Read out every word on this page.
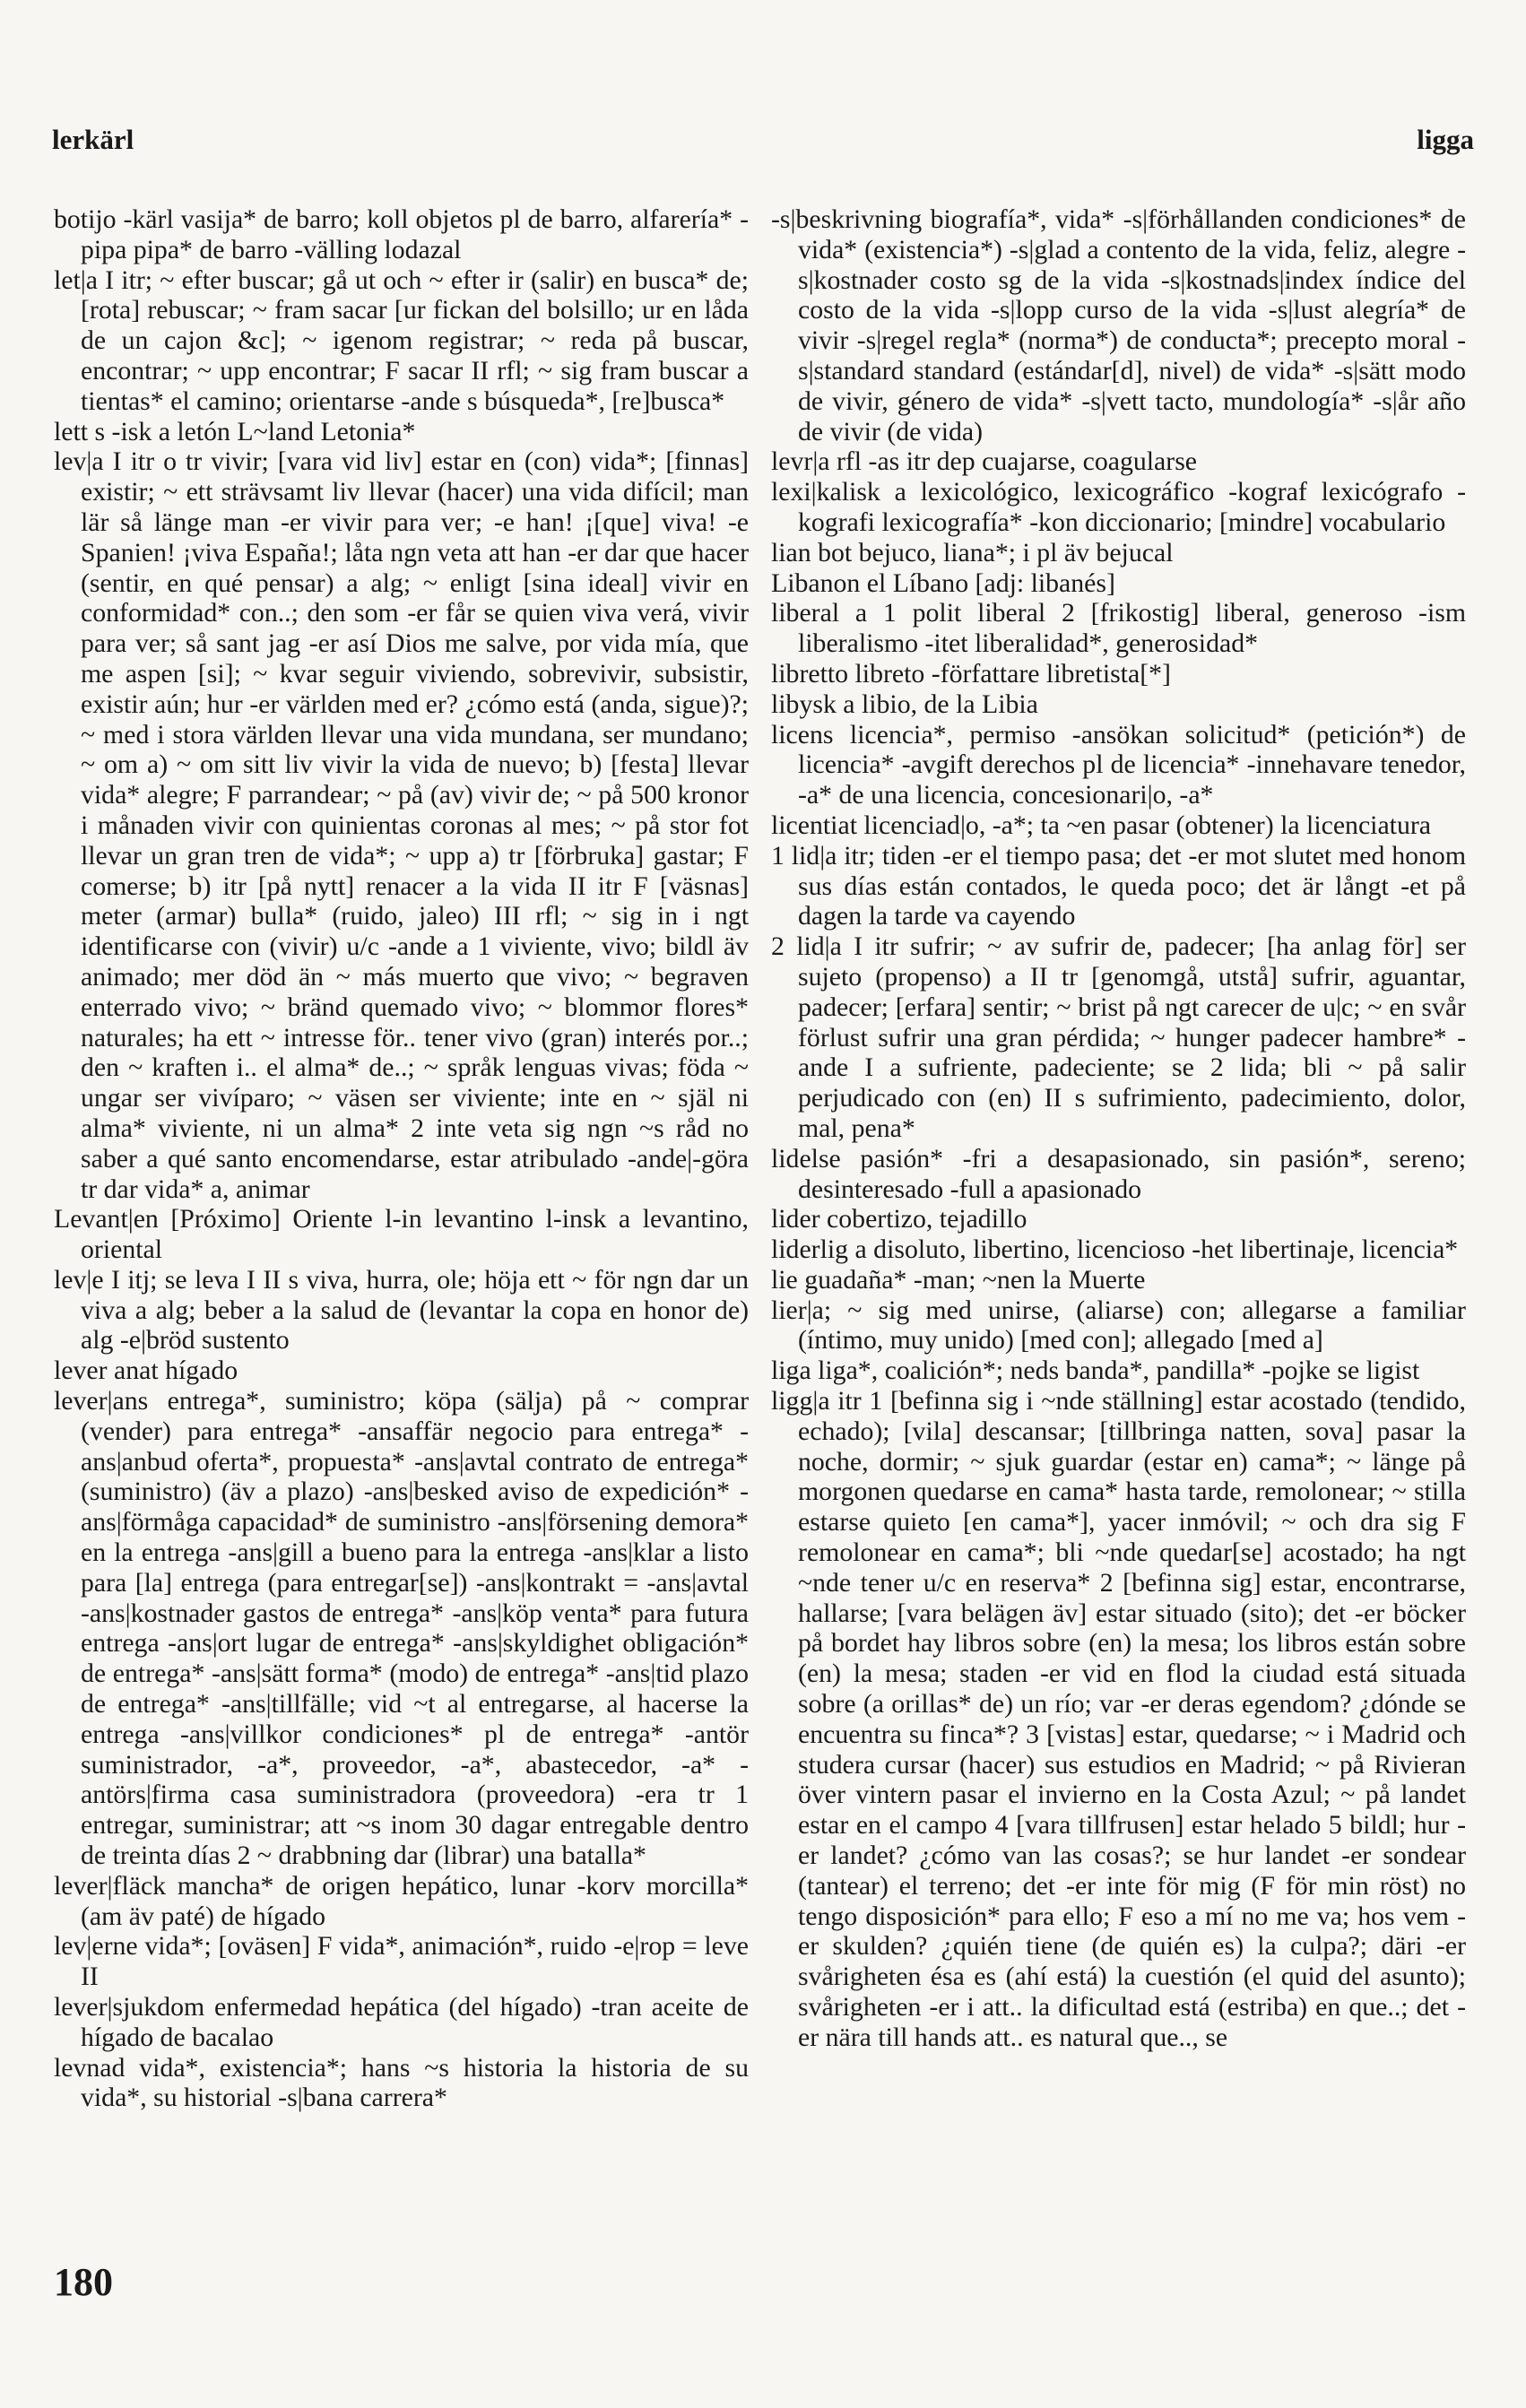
lerkärl	ligga

botijo -kärl vasija* de barro; koll objetos pl de barro, alfarería* -pipa pipa* de barro -välling lodazal

let|a I itr; ~ efter buscar; gå ut och ~ efter ir (salir) en busca* de; [rota] rebuscar; ~ fram sacar [ur fickan del bolsillo; ur en låda de un cajon &c]; ~ igenom registrar; ~ reda på buscar, encontrar; ~ upp encontrar; F sacar II rfl; ~ sig fram buscar a tientas* el camino; orientarse -ande s búsqueda*, [re]busca*

lett s -isk a letón L~land Letonia*

lev|a I itr o tr vivir; [vara vid liv] estar en (con) vida*; [finnas] existir; ~ ett strävsamt liv llevar (hacer) una vida difícil; man lär så länge man -er vivir para ver; -e han! ¡[que] viva! -e Spanien! ¡viva España!; låta ngn veta att han -er dar que hacer (sentir, en qué pensar) a alg; ~ enligt [sina ideal] vivir en conformidad* con..; den som -er får se quien viva verá, vivir para ver; så sant jag -er así Dios me salve, por vida mía, que me aspen [si]; ~ kvar seguir viviendo, sobrevivir, subsistir, existir aún; hur -er världen med er? ¿cómo está (anda, sigue)?; ~ med i stora världen llevar una vida mundana, ser mundano; ~ om a) ~ om sitt liv vivir la vida de nuevo; b) [festa] llevar vida* alegre; F parrandear; ~ på (av) vivir de; ~ på 500 kronor i månaden vivir con quinientas coronas al mes; ~ på stor fot llevar un gran tren de vida*; ~ upp a) tr [förbruka] gastar; F comerse; b) itr [på nytt] renacer a la vida II itr F [väsnas] meter (armar) bulla* (ruido, jaleo) III rfl; ~ sig in i ngt identificarse con (vivir) u/c -ande a 1 viviente, vivo; bildl äv animado; mer död än ~ más muerto que vivo; ~ begraven enterrado vivo; ~ bränd quemado vivo; ~ blommor flores* naturales; ha ett ~ intresse för.. tener vivo (gran) interés por..; den ~ kraften i.. el alma* de..; ~ språk lenguas vivas; föda ~ ungar ser vivíparo; ~ väsen ser viviente; inte en ~ själ ni alma* viviente, ni un alma* 2 inte veta sig ngn ~s råd no saber a qué santo encomendarse, estar atribulado -ande|-göra tr dar vida* a, animar

Levant|en [Próximo] Oriente l-in levantino l-insk a levantino, oriental

lev|e I itj; se leva I II s viva, hurra, ole; höja ett ~ för ngn dar un viva a alg; beber a la salud de (levantar la copa en honor de) alg -e|bröd sustento

lever anat hígado

lever|ans entrega*, suministro; köpa (sälja) på ~ comprar (vender) para entrega* -ansaffär negocio para entrega* -ans|anbud oferta*, propuesta* -ans|avtal contrato de entrega* (suministro) (äv a plazo) -ans|besked aviso de expedición* -ans|förmåga capacidad* de suministro -ans|försening demora* en la entrega -ans|gill a bueno para la entrega -ans|klar a listo para [la] entrega (para entregar[se]) -ans|kontrakt = -ans|avtal -ans|kostnader gastos de entrega* -ans|köp venta* para futura entrega -ans|ort lugar de entrega* -ans|skyldighet obligación* de entrega* -ans|sätt forma* (modo) de entrega* -ans|tid plazo de entrega* -ans|tillfälle; vid ~t al entregarse, al hacerse la entrega -ans|villkor condiciones* pl de entrega* -antör suministrador, -a*, proveedor, -a*, abastecedor, -a* -antörs|firma casa suministradora (proveedora) -era tr 1 entregar, suministrar; att ~s inom 30 dagar entregable dentro de treinta días 2 ~ drabbning dar (librar) una batalla*

lever|fläck mancha* de origen hepático, lunar -korv morcilla* (am äv paté) de hígado

lev|erne vida*; [oväsen] F vida*, animación*, ruido -e|rop = leve II

lever|sjukdom enfermedad hepática (del hígado) -tran aceite de hígado de bacalao

levnad vida*, existencia*; hans ~s historia la historia de su vida*, su historial -s|bana carrera*

-s|beskrivning biografía*, vida* -s|förhållanden condiciones* de vida* (existencia*) -s|glad a contento de la vida, feliz, alegre -s|kostnader costo sg de la vida -s|kostnads|index índice del costo de la vida -s|lopp curso de la vida -s|lust alegría* de vivir -s|regel regla* (norma*) de conducta*; precepto moral -s|standard standard (estándar[d], nivel) de vida* -s|sätt modo de vivir, género de vida* -s|vett tacto, mundología* -s|år año de vivir (de vida)

levr|a rfl -as itr dep cuajarse, coagularse

lexi|kalisk a lexicológico, lexicográfico -kograf lexicógrafo -kografi lexicografía* -kon diccionario; [mindre] vocabulario

lian bot bejuco, liana*; i pl äv bejucal

Libanon el Líbano [adj: libanés]

liberal a 1 polit liberal 2 [frikostig] liberal, generoso -ism liberalismo -itet liberalidad*, generosidad*

libretto libreto -författare libretista[*]

libysk a libio, de la Libia

licens licencia*, permiso -ansökan solicitud* (petición*) de licencia* -avgift derechos pl de licencia* -innehavare tenedor, -a* de una licencia, concesionari|o, -a*

licentiat licenciad|o, -a*; ta ~en pasar (obtener) la licenciatura

1 lid|a itr; tiden -er el tiempo pasa; det -er mot slutet med honom sus días están contados, le queda poco; det är långt -et på dagen la tarde va cayendo

2 lid|a I itr sufrir; ~ av sufrir de, padecer; [ha anlag för] ser sujeto (propenso) a II tr [genomgå, utstå] sufrir, aguantar, padecer; [erfara] sentir; ~ brist på ngt carecer de u|c; ~ en svår förlust sufrir una gran pérdida; ~ hunger padecer hambre* -ande I a sufriente, padeciente; se 2 lida; bli ~ på salir perjudicado con (en) II s sufrimiento, padecimiento, dolor, mal, pena*

lidelse pasión* -fri a desapasionado, sin pasión*, sereno; desinteresado -full a apasionado

lider cobertizo, tejadillo

liderlig a disoluto, libertino, licencioso -het libertinaje, licencia*

lie guadaña* -man; ~nen la Muerte

lier|a; ~ sig med unirse, (aliarse) con; allegarse a familiar (íntimo, muy unido) [med con]; allegado [med a]

liga liga*, coalición*; neds banda*, pandilla* -pojke se ligist

ligg|a itr 1 [befinna sig i ~nde ställning] estar acostado (tendido, echado); [vila] descansar; [tillbringa natten, sova] pasar la noche, dormir; ~ sjuk guardar (estar en) cama*; ~ länge på morgonen quedarse en cama* hasta tarde, remolonear; ~ stilla estarse quieto [en cama*], yacer inmóvil; ~ och dra sig F remolonear en cama*; bli ~nde quedar[se] acostado; ha ngt ~nde tener u/c en reserva* 2 [befinna sig] estar, encontrarse, hallarse; [vara belägen äv] estar situado (sito); det -er böcker på bordet hay libros sobre (en) la mesa; los libros están sobre (en) la mesa; staden -er vid en flod la ciudad está situada sobre (a orillas* de) un río; var -er deras egendom? ¿dónde se encuentra su finca*? 3 [vistas] estar, quedarse; ~ i Madrid och studera cursar (hacer) sus estudios en Madrid; ~ på Rivieran över vintern pasar el invierno en la Costa Azul; ~ på landet estar en el campo 4 [vara tillfrusen] estar helado 5 bildl; hur -er landet? ¿cómo van las cosas?; se hur landet -er sondear (tantear) el terreno; det -er inte för mig (F för min röst) no tengo disposición* para ello; F eso a mí no me va; hos vem -er skulden? ¿quién tiene (de quién es) la culpa?; däri -er svårigheten ésa es (ahí está) la cuestión (el quid del asunto); svårigheten -er i att.. la dificultad está (estriba) en que..; det -er nära till hands att.. es natural que.., se

180
